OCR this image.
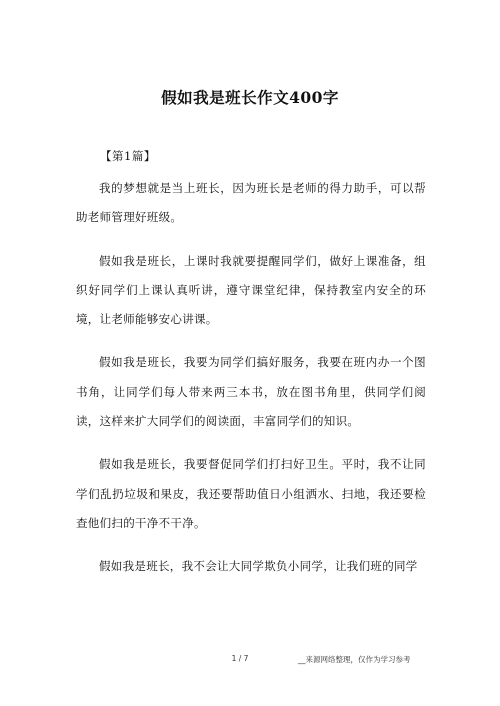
假如我是班长作文400字
【第1篇】

我的梦想就是当上班长，因为班长是老师的得力助手，可以帮助老师管理好班级。

假如我是班长，上课时我就要提醒同学们，做好上课准备，组织好同学们上课认真听讲，遵守课堂纪律，保持教室内安全的环境，让老师能够安心讲课。

假如我是班长，我要为同学们搞好服务，我要在班内办一个图书角，让同学们每人带来两三本书，放在图书角里，供同学们阅读，这样来扩大同学们的阅读面，丰富同学们的知识。

假如我是班长，我要督促同学们打扫好卫生。平时，我不让同学们乱扔垃圾和果皮，我还要帮助值日小组洒水、扫地，我还要检查他们扫的干净不干净。

假如我是班长，我不会让大同学欺负小同学，让我们班的同学

1 / 7	__来源网络整理，仅作为学习参考
